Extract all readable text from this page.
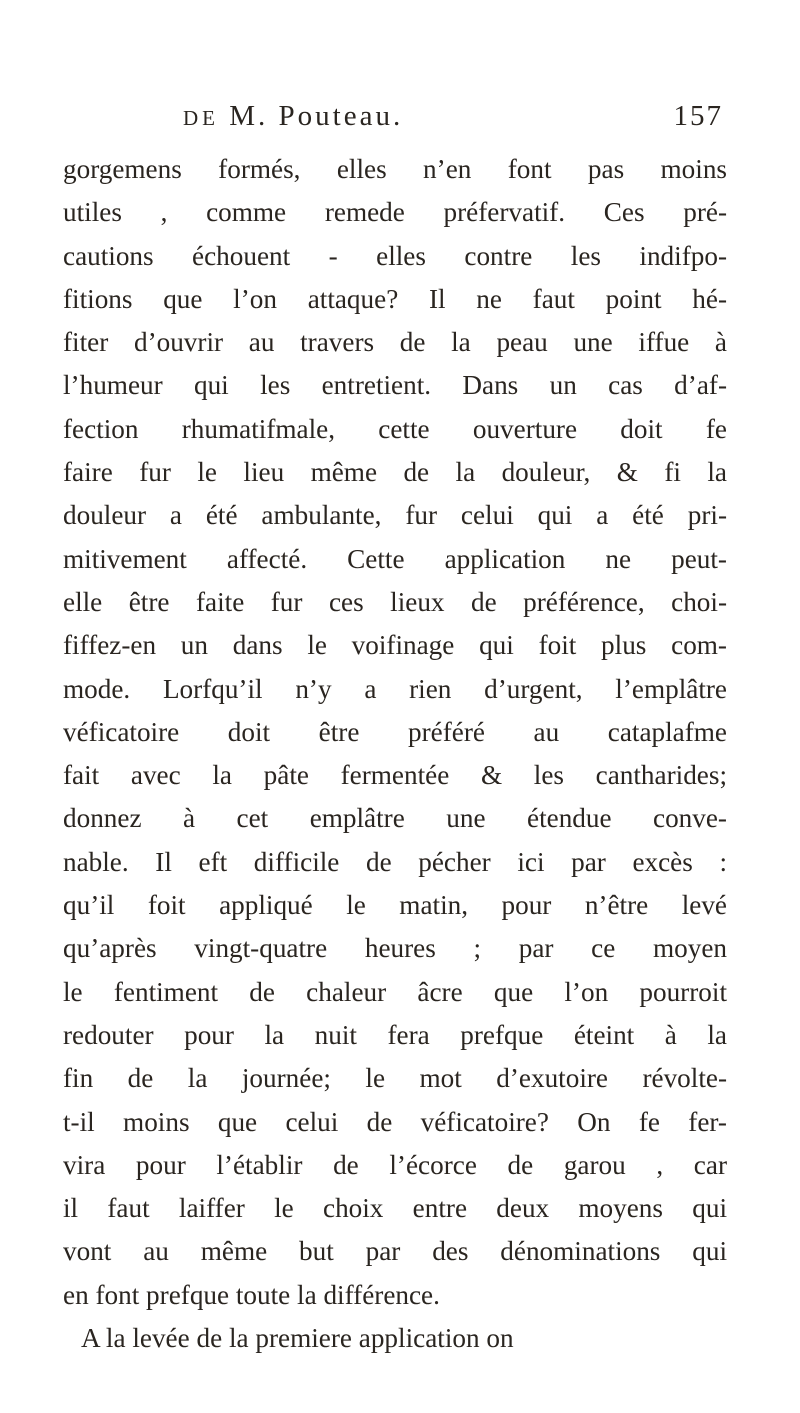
DE M. Pouteau.	157
gorgemens formés, elles n’en font pas moins
utiles , comme remede préfervatif. Ces pré-
cautions échouent - elles contre les indifpo-
fitions que l’on attaque? Il ne faut point hé-
fiter d’ouvrir au travers de la peau une iffue à
l’humeur qui les entretient. Dans un cas d’af-
fection rhumatifmale, cette ouverture doit fe
faire fur le lieu même de la douleur, & fi la
douleur a été ambulante, fur celui qui a été pri-
mitivement affecté. Cette application ne peut-
elle être faite fur ces lieux de préférence, choi-
fiffez-en un dans le voifinage qui foit plus com-
mode. Lorfqu’il n’y a rien d’urgent, l’emplâtre
véficatoire doit être préféré au cataplafme
fait avec la pâte fermentée & les cantharides;
donnez à cet emplâtre une étendue conve-
nable. Il eft difficile de pécher ici par excès :
qu’il foit appliqué le matin, pour n’être levé
qu’après vingt-quatre heures ; par ce moyen
le fentiment de chaleur âcre que l’on pourroit
redouter pour la nuit fera prefque éteint à la
fin de la journée; le mot d’exutoire révolte-
t-il moins que celui de véficatoire? On fe fer-
vira pour l’établir de l’écorce de garou , car
il faut laiffer le choix entre deux moyens qui
vont au même but par des dénominations qui
en font prefque toute la différence.
A la levée de la premiere application on
